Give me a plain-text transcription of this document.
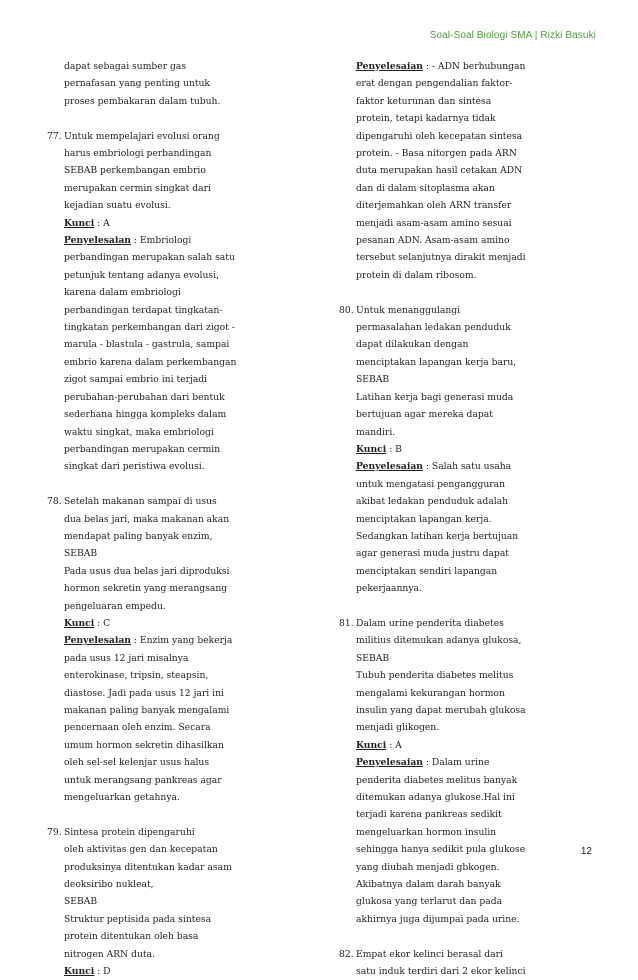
Soal-Soal Biologi SMA | Rizki Basuki
dapat sebagai sumber gas
pernafasan yang penting untuk
proses pembakaran dalam tubuh.
77. Untuk mempelajari evolusi orang
harus embriologi perbandingan
SEBAB perkembangan embrio
merupakan cermin singkat dari
kejadian suatu evolusi.
Kunci : A
Penyelesaian : Embriologi
perbandingan merupakan salah satu
petunjuk tentang adanya evolusi,
karena dalam embriologi
perbandingan terdapat tingkatan-
tingkatan perkembangan dari zigot -
marula - blastula - gastrula, sampai
embrio karena dalam perkembangan
zigot sampai embrio ini terjadi
perubahan-perubahan dari bentuk
sederhana hingga kompleks dalam
waktu singkat, maka embriologi
perbandingan merupakan cermin
singkat dari peristiwa evolusi.
78. Setelah makanan sampai di usus
dua belas jari, maka makanan akan
mendapat paling banyak enzim,
SEBAB
Pada usus dua belas jari diproduksi
hormon sekretin yang merangsang
pengeluaran empedu.
Kunci : C
Penyelesaian : Enzim yang bekerja
pada usus 12 jari misalnya
enterokinase, tripsin, steapsin,
diastose. Jadi pada usus 12 jari ini
makanan paling banyak mengalami
pencernaan oleh enzim. Secara
umum hormon sekretin dihasilkan
oleh sel-sel kelenjar usus halus
untuk merangsang pankreas agar
mengeluarkan getahnya.
79. Sintesa protein dipengaruhi
oleh aktivitas gen dan kecepatan
produksinya ditentukan kadar asam
deoksiribo nukleat,
SEBAB
Struktur peptisida pada sintesa
protein ditentukan oleh basa
nitrogen ARN duta.
Kunci : D
Penyelesaian : - ADN berhubungan
erat dengan pengendalian faktor-
faktor keturunan dan sintesa
protein, tetapi kadarnya tidak
dipengaruhi oleh kecepatan sintesa
protein. - Basa nitorgen pada ARN
duta merupakan hasil cetakan ADN
dan di dalam sitoplasma akan
diterjemahkan oleh ARN transfer
menjadi asam-asam amino sesuai
pesanan ADN. Asam-asam amino
tersebut selanjutnya dirakit menjadi
protein di dalam ribosom.
80. Untuk menanggulangi
permasalahan ledakan penduduk
dapat dilakukan dengan
menciptakan lapangan kerja baru,
SEBAB
Latihan kerja bagi generasi muda
bertujuan agar mereka dapat
mandiri.
Kunci : B
Penyelesaian : Salah satu usaha
untuk mengatasi pengangguran
akibat ledakan penduduk adalah
menciptakan lapangan kerja.
Sedangkan latihan kerja bertujuan
agar generasi muda justru dapat
menciptakan sendiri lapangan
pekerjaannya.
81. Dalam urine penderita diabetes
militius ditemukan adanya glukosa,
SEBAB
Tubuh penderita diabetes melitus
mengalami kekurangan hormon
insulin yang dapat merubah glukosa
menjadi glikogen.
Kunci : A
Penyelesaian : Dalam urine
penderita diabetes melitus banyak
ditemukan adanya glukose.Hal ini
terjadi karena pankreas sedikit
mengeluarkan hormon insulin
sehingga hanya sedikit pula glukose
yang diubah menjadi gbkogen.
Akibatnya dalam darah banyak
glukosa yang terlarut dan pada
akhirnya juga dijumpai pada urine.
82. Empat ekor kelinci berasal dari
satu induk terdiri dari 2 ekor kelinci
12
